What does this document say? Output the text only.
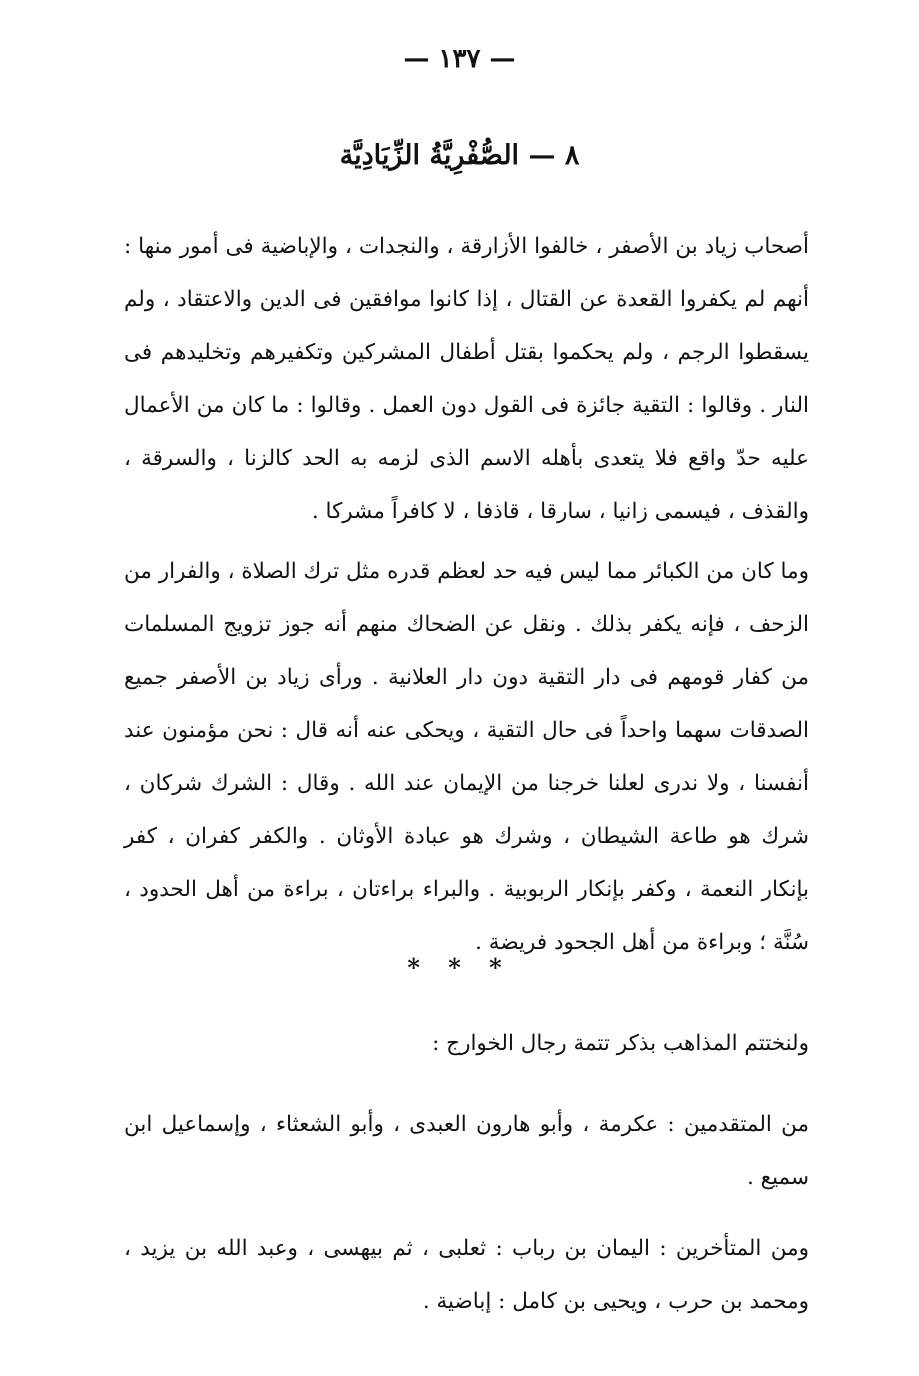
— ١٣٧ —
٨ — الصُّفْرِيَّةُ الزِّيَادِيَّة

أصحاب زياد بن الأصفر ، خالفوا الأزارقة ، والنجدات ، والإباضية فى أمور منها : أنهم لم يكفروا القعدة عن القتال ، إذا كانوا موافقين فى الدين والاعتقاد ، ولم يسقطوا الرجم ، ولم يحكموا بقتل أطفال المشركين وتكفيرهم وتخليدهم فى النار . وقالوا : التقية جائزة فى القول دون العمل . وقالوا : ما كان من الأعمال عليه حدّ واقع فلا يتعدى بأهله الاسم الذى لزمه به الحد كالزنا ، والسرقة ، والقذف ، فيسمى زانيا ، سارقا ، قاذفا ، لا كافراً مشركا .

وما كان من الكبائر مما ليس فيه حد لعظم قدره مثل ترك الصلاة ، والفرار من الزحف ، فإنه يكفر بذلك . ونقل عن الضحاك منهم أنه جوز تزويج المسلمات من كفار قومهم فى دار التقية دون دار العلانية . ورأى زياد بن الأصفر جميع الصدقات سهما واحداً فى حال التقية ، ويحكى عنه أنه قال : نحن مؤمنون عند أنفسنا ، ولا ندرى لعلنا خرجنا من الإيمان عند الله . وقال : الشرك شركان ، شرك هو طاعة الشيطان ، وشرك هو عبادة الأوثان . والكفر كفران ، كفر بإنكار النعمة ، وكفر بإنكار الربوبية . والبراء براءتان ، براءة من أهل الحدود ، سُنَّة ؛ وبراءة من أهل الجحود فريضة .

* * *

ولنختتم المذاهب بذكر تتمة رجال الخوارج :

من المتقدمين : عكرمة ، وأبو هارون العبدى ، وأبو الشعثاء ، وإسماعيل ابن سميع .

ومن المتأخرين : اليمان بن رباب : ثعلبى ، ثم بيهسى ، وعبد الله بن يزيد ، ومحمد بن حرب ، ويحيى بن كامل : إباضية .
